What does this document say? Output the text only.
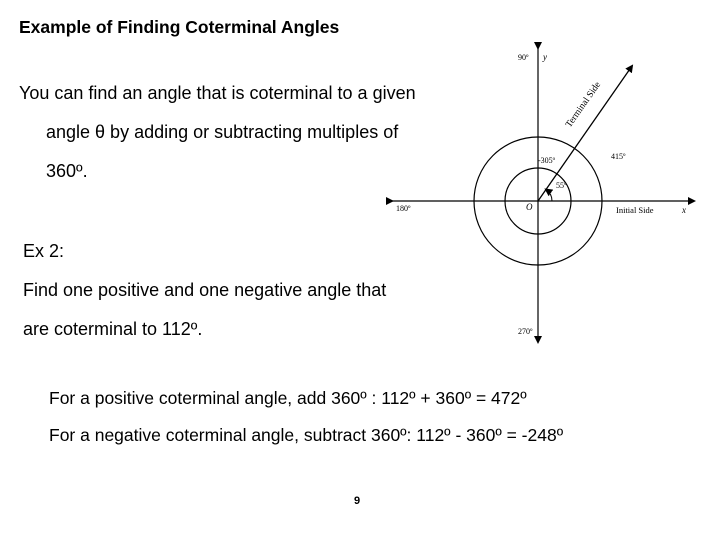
Example of Finding Coterminal Angles
You can find an angle that is coterminal to a given
angle θ by adding or subtracting multiples of
360º.
Ex 2:
Find one positive and one negative angle that
are coterminal to 112º.
For a positive coterminal angle, add 360º : 112º + 360º = 472º
For a negative coterminal angle, subtract 360º: 112º - 360º = -248º
9
90º y
Terminal Side
-305º	415º
55º
180º	O	Initial Side	x
270º
